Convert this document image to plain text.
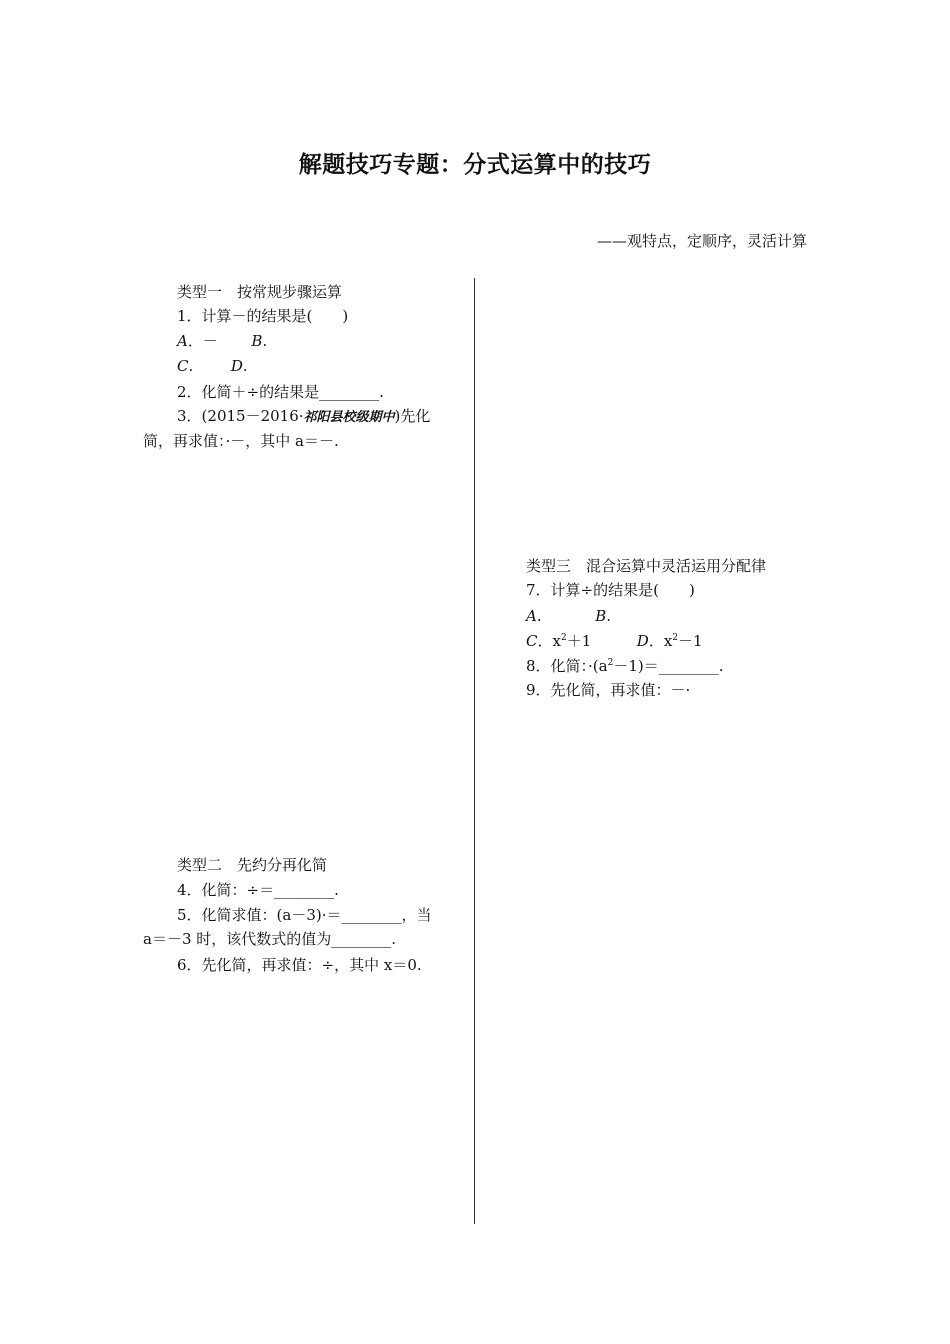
解题技巧专题：分式运算中的技巧
——观特点，定顺序，灵活计算
类型一　按常规步骤运算
1．计算－的结果是(　　)
A．－ B.
C.	D.
2．化简＋÷的结果是________.
3．(2015－2016·祁阳县校级期中)先化
简，再求值：·－，其中 a＝－.
类型二　先约分再化简
4．化简：÷＝________.
5．化简求值：(a－3)·＝________，当
a＝－3 时，该代数式的值为________.
6．先化简，再求值：÷，其中 x＝0.
类型三　混合运算中灵活运用分配律
7．计算÷的结果是(　　)
A.	B.
C．$x^2+1$	D．$x^2-1$
8．化简：$\cdot(a^2-1)=\_\_\_\_\_\_\_\_$.
9．先化简，再求值：－·
